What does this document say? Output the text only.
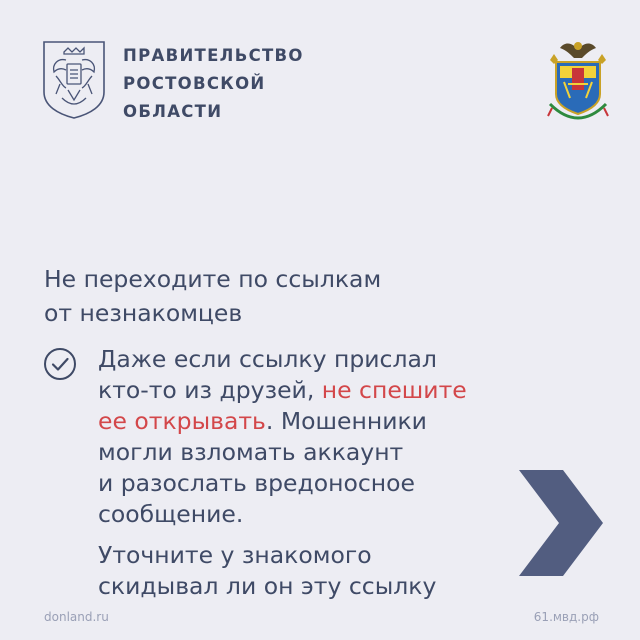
ПРАВИТЕЛЬСТВО
РОСТОВСКОЙ
ОБЛАСТИ
Не переходите по ссылкам
от незнакомцев
Даже если ссылку прислал
кто-то из друзей, не спешите
ее открывать. Мошенники
могли взломать аккаунт
и разослать вредоносное
сообщение.
Уточните у знакомого
скидывал ли он эту ссылку
donland.ru	61.мвд.рф
